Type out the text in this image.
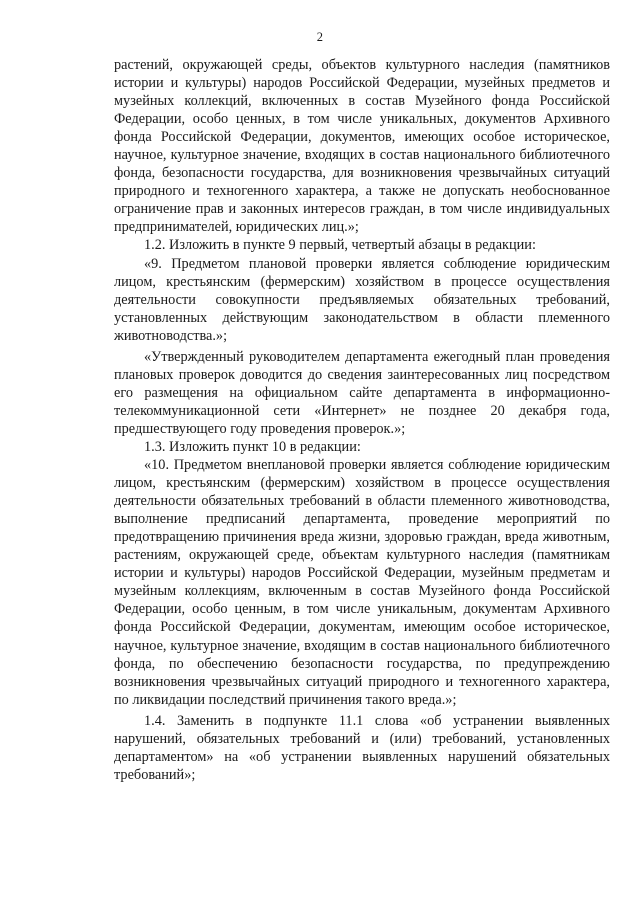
2

растений, окружающей среды, объектов культурного наследия (памятников истории и культуры) народов Российской Федерации, музейных предметов и музейных коллекций, включенных в состав Музейного фонда Российской Федерации, особо ценных, в том числе уникальных, документов Архивного фонда Российской Федерации, документов, имеющих особое историческое, научное, культурное значение, входящих в состав национального библиотечного фонда, безопасности государства, для возникновения чрезвычайных ситуаций природного и техногенного характера, а также не допускать необоснованное ограничение прав и законных интересов граждан, в том числе индивидуальных предпринимателей, юридических лиц.»;

1.2. Изложить в пункте 9 первый, четвертый абзацы в редакции:

«9. Предметом плановой проверки является соблюдение юридическим лицом, крестьянским (фермерским) хозяйством в процессе осуществления деятельности совокупности предъявляемых обязательных требований, установленных действующим законодательством в области племенного животноводства.»;

«Утвержденный руководителем департамента ежегодный план проведения плановых проверок доводится до сведения заинтересованных лиц посредством его размещения на официальном сайте департамента в информационно-телекоммуникационной сети «Интернет» не позднее 20 декабря года, предшествующего году проведения проверок.»;

1.3. Изложить пункт 10 в редакции:

«10. Предметом внеплановой проверки является соблюдение юридическим лицом, крестьянским (фермерским) хозяйством в процессе осуществления деятельности обязательных требований в области племенного животноводства, выполнение предписаний департамента, проведение мероприятий по предотвращению причинения вреда жизни, здоровью граждан, вреда животным, растениям, окружающей среде, объектам культурного наследия (памятникам истории и культуры) народов Российской Федерации, музейным предметам и музейным коллекциям, включенным в состав Музейного фонда Российской Федерации, особо ценным, в том числе уникальным, документам Архивного фонда Российской Федерации, документам, имеющим особое историческое, научное, культурное значение, входящим в состав национального библиотечного фонда, по обеспечению безопасности государства, по предупреждению возникновения чрезвычайных ситуаций природного и техногенного характера, по ликвидации последствий причинения такого вреда.»;

1.4. Заменить в подпункте 11.1 слова «об устранении выявленных нарушений, обязательных требований и (или) требований, установленных департаментом» на «об устранении выявленных нарушений обязательных требований»;
